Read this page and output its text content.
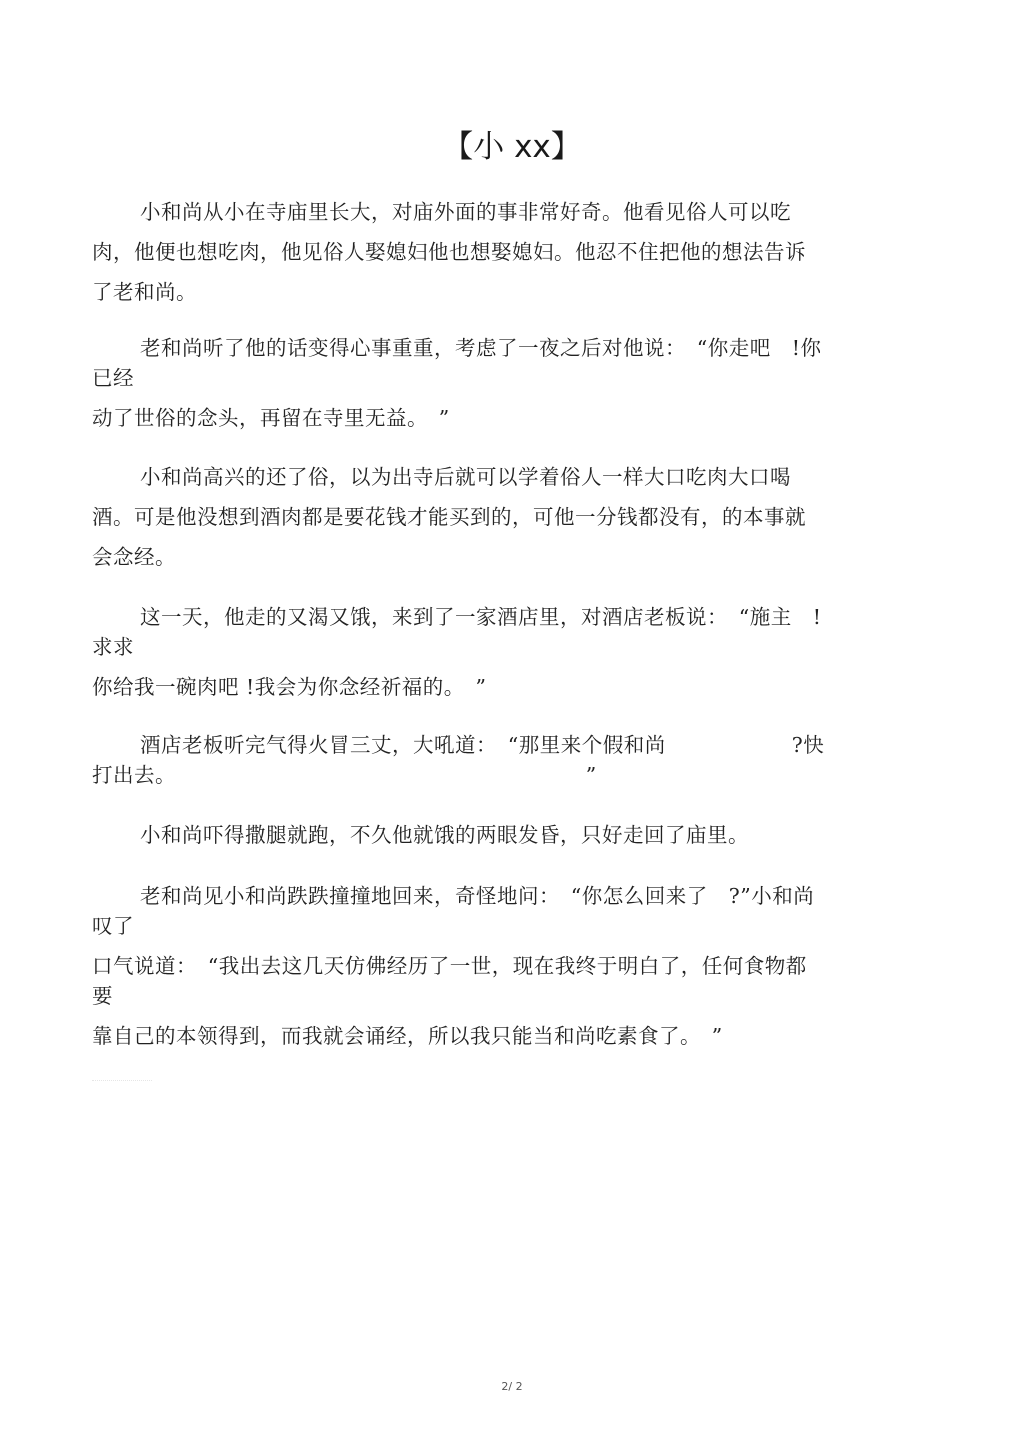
【小 xx】
小和尚从小在寺庙里长大，对庙外面的事非常好奇。他看见俗人可以吃
肉，他便也想吃肉，他见俗人娶媳妇他也想娶媳妇。他忍不住把他的想法告诉
了老和尚。
老和尚听了他的话变得心事重重，考虑了一夜之后对他说：　“你走吧　!你
已经
动了世俗的念头，再留在寺里无益。　”
小和尚高兴的还了俗，以为出寺后就可以学着俗人一样大口吃肉大口喝
酒。可是他没想到酒肉都是要花钱才能买到的，可他一分钱都没有，的本事就
会念经。
这一天，他走的又渴又饿，来到了一家酒店里，对酒店老板说：　“施主　!
求求
你给我一碗肉吧 !我会为你念经祈福的。　”
酒店老板听完气得火冒三丈，大吼道：　“那里来个假和尚　　　　　　?快
打出去。　　　　　　　　　　　　　　　　　　　　”
小和尚吓得撒腿就跑，不久他就饿的两眼发昏，只好走回了庙里。
老和尚见小和尚跌跌撞撞地回来，奇怪地问：　“你怎么回来了　?”小和尚
叹了
口气说道：　“我出去这几天仿佛经历了一世，现在我终于明白了，任何食物都
要
靠自己的本领得到，而我就会诵经，所以我只能当和尚吃素食了。　”
2/ 2
